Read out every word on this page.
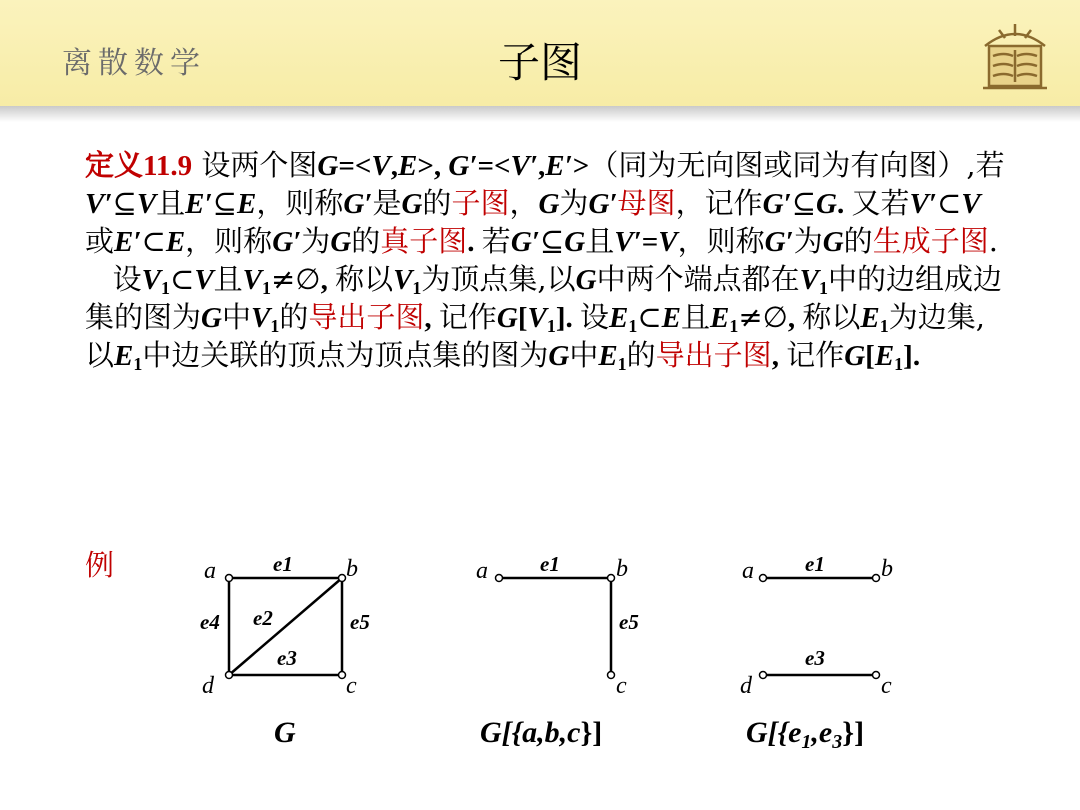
离散数学	子图

定义11.9 设两个图G=<V,E>, G′=<V′,E′>（同为无向图或同为有向图）,若V′⊆V且E′⊆E，则称G′是G的子图，G为G′母图，记作G′⊆G. 又若V′⊂V或E′⊂E，则称G′为G的真子图. 若G′⊆G且V′=V，则称G′为G的生成子图.

设$V_1\subset V$且$V_1\ne\emptyset$, 称以$V_1$为顶点集,以G中两个端点都在$V_1$中的边组成边集的图为G中$V_1$的导出子图, 记作$G[V_1]$. 设$E_1\subset E$且$E_1\ne\emptyset$, 称以$E_1$为边集,以$E_1$中边关联的顶点为顶点集的图为G中$E_1$的导出子图, 记作$G[E_1]$.

例	a	b
c
d
e1
e2
e3
e4	e5
G
a	b
c
e1
e5
G[{a,b,c}]
a	b
c
d
e1
e3
$G[\{e_1,e_3\}]$
